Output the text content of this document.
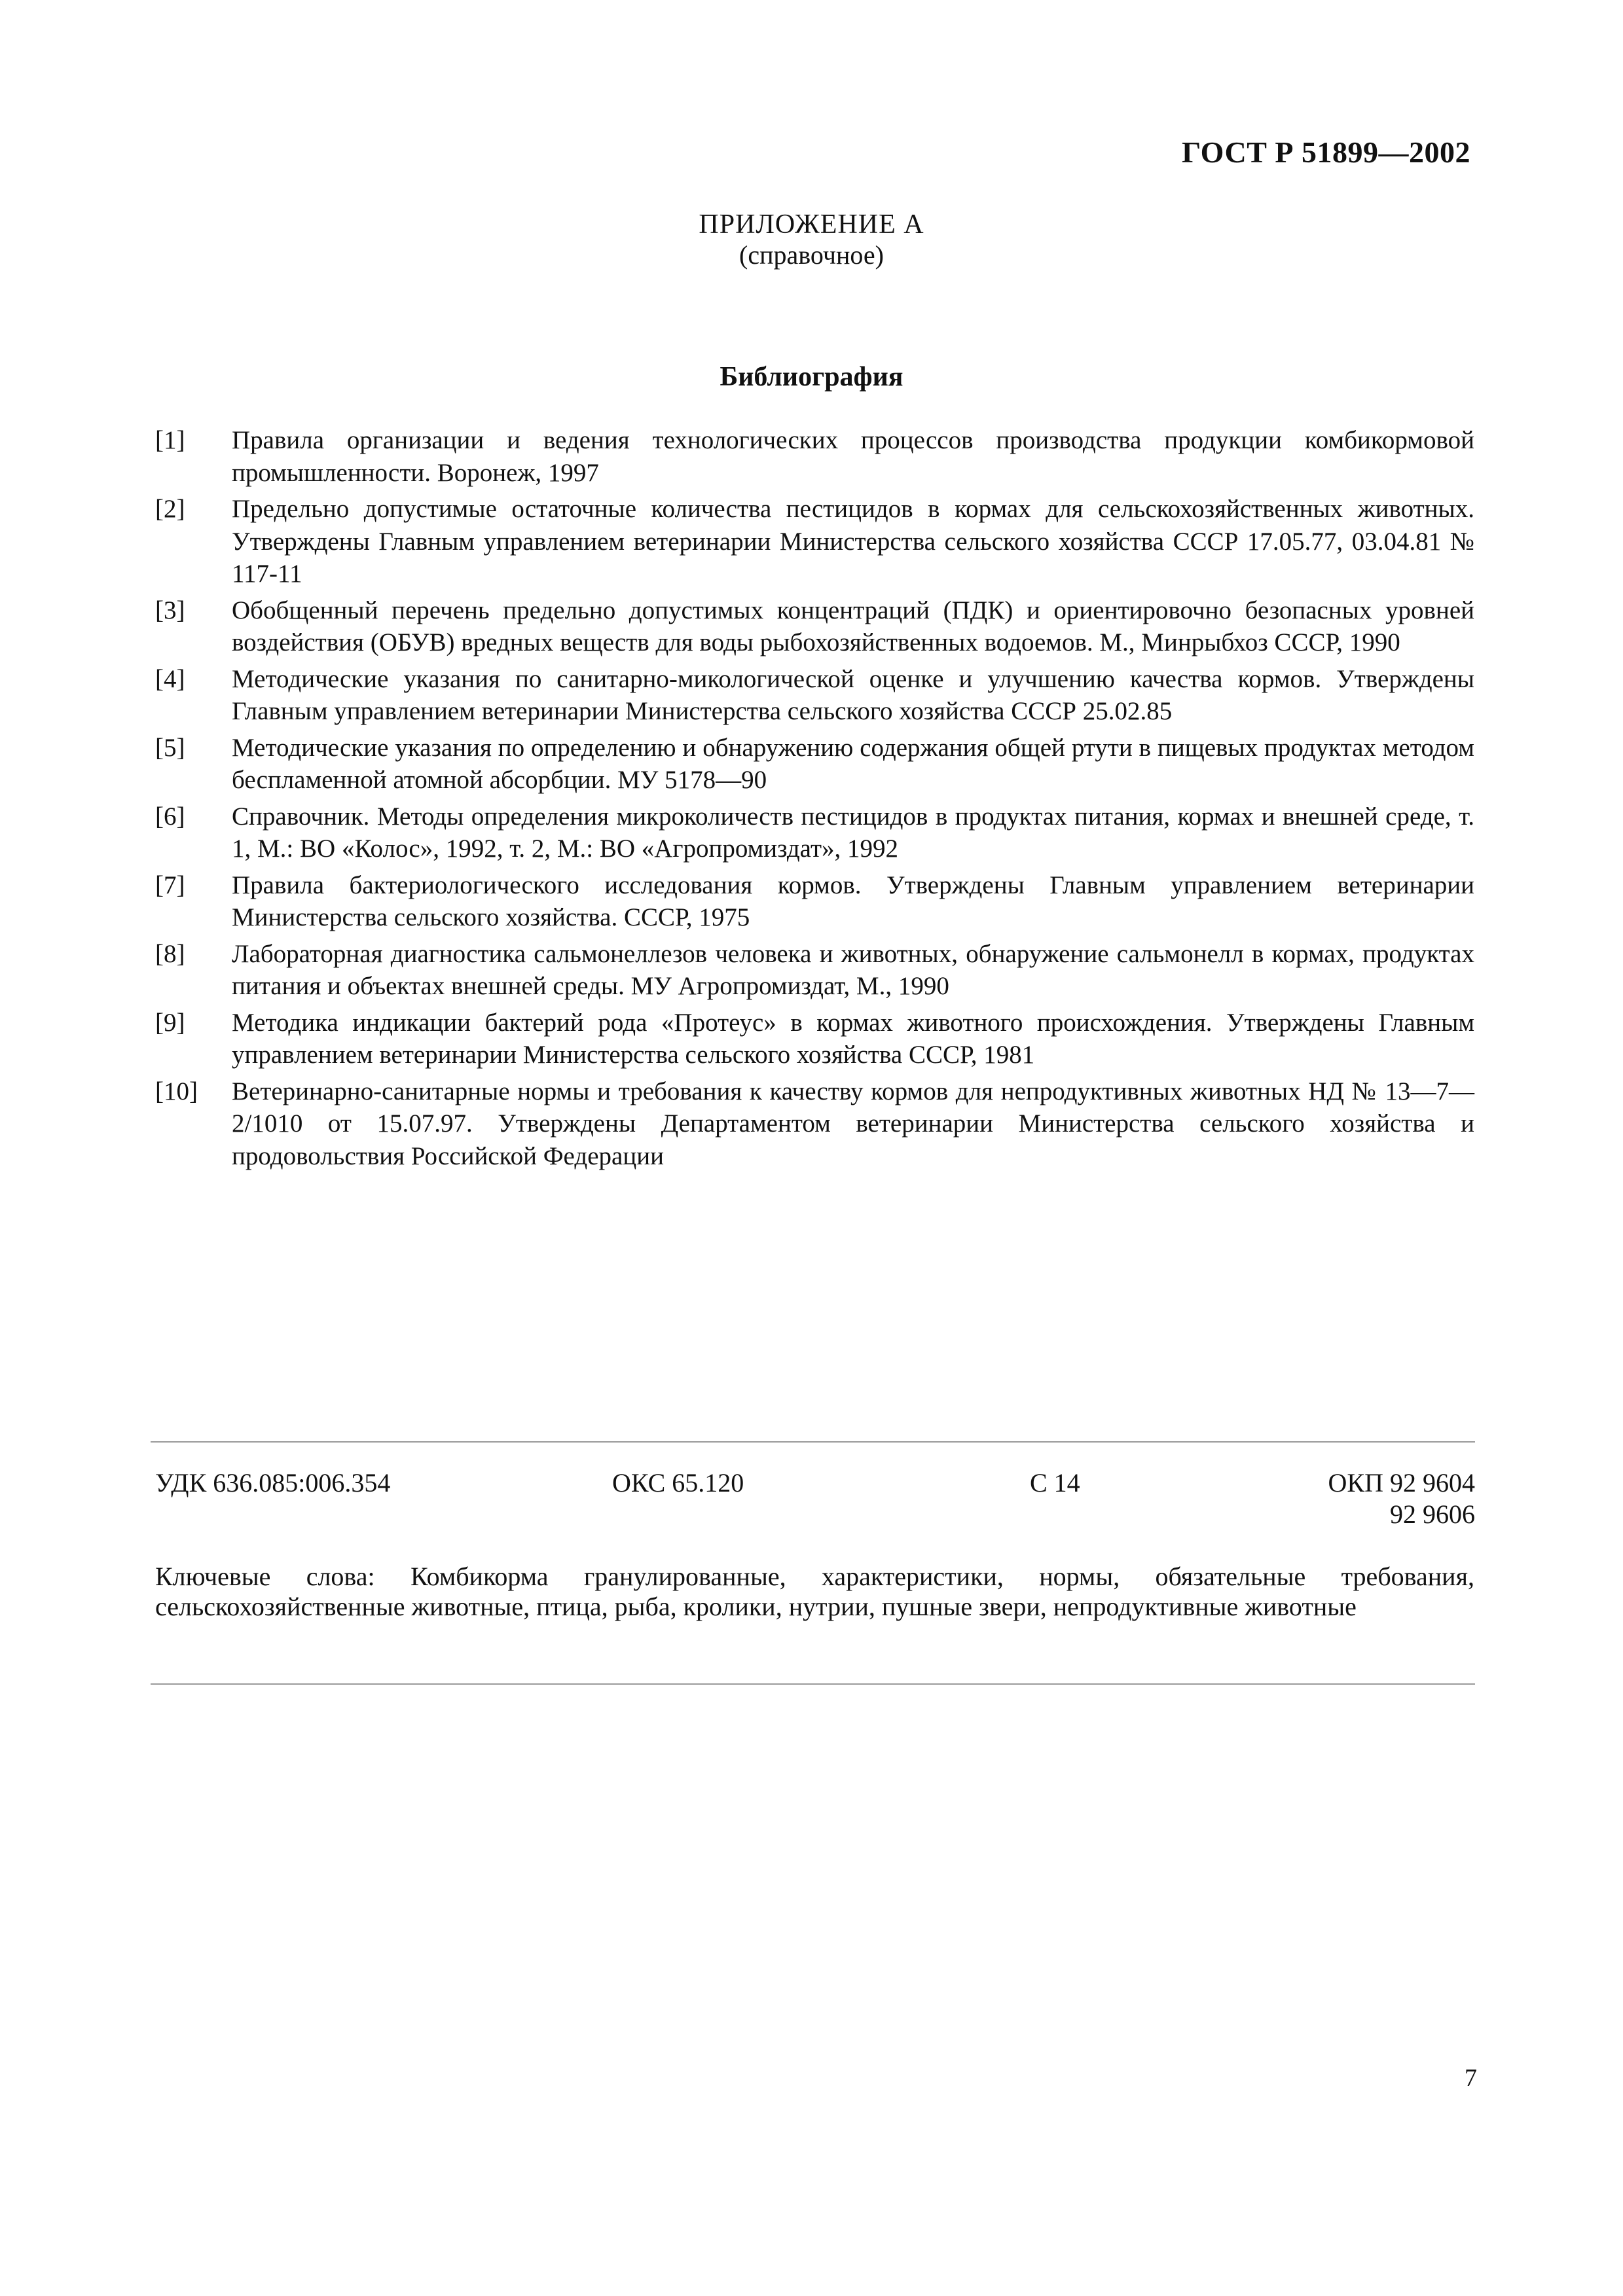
ГОСТ Р 51899—2002
ПРИЛОЖЕНИЕ А
(справочное)
Библиография
[1]	Правила организации и ведения технологических процессов производства продукции комбикормовой промышленности. Воронеж, 1997
[2]	Предельно допустимые остаточные количества пестицидов в кормах для сельскохозяйственных животных. Утверждены Главным управлением ветеринарии Министерства сельского хозяйства СССР 17.05.77, 03.04.81 № 117-11
[3]	Обобщенный перечень предельно допустимых концентраций (ПДК) и ориентировочно безопасных уровней воздействия (ОБУВ) вредных веществ для воды рыбохозяйственных водоемов. М., Минрыбхоз СССР, 1990
[4]	Методические указания по санитарно-микологической оценке и улучшению качества кормов. Утверждены Главным управлением ветеринарии Министерства сельского хозяйства СССР 25.02.85
[5]	Методические указания по определению и обнаружению содержания общей ртути в пищевых продуктах методом беспламенной атомной абсорбции. МУ 5178—90
[6]	Справочник. Методы определения микроколичеств пестицидов в продуктах питания, кормах и внешней среде, т. 1, М.: ВО «Колос», 1992, т. 2, М.: ВО «Агропромиздат», 1992
[7]	Правила бактериологического исследования кормов. Утверждены Главным управлением ветеринарии Министерства сельского хозяйства. СССР, 1975
[8]	Лабораторная диагностика сальмонеллезов человека и животных, обнаружение сальмонелл в кормах, продуктах питания и объектах внешней среды. МУ Агропромиздат, М., 1990
[9]	Методика индикации бактерий рода «Протеус» в кормах животного происхождения. Утверждены Главным управлением ветеринарии Министерства сельского хозяйства СССР, 1981
[10]	Ветеринарно-санитарные нормы и требования к качеству кормов для непродуктивных животных НД № 13—7—2/1010 от 15.07.97. Утверждены Департаментом ветеринарии Министерства сельского хозяйства и продовольствия Российской Федерации
УДК 636.085:006.354	ОКС 65.120	С 14	ОКП 92 9604
92 9606
Ключевые слова: Комбикорма гранулированные, характеристики, нормы, обязательные требования, сельскохозяйственные животные, птица, рыба, кролики, нутрии, пушные звери, непродуктивные животные
7
